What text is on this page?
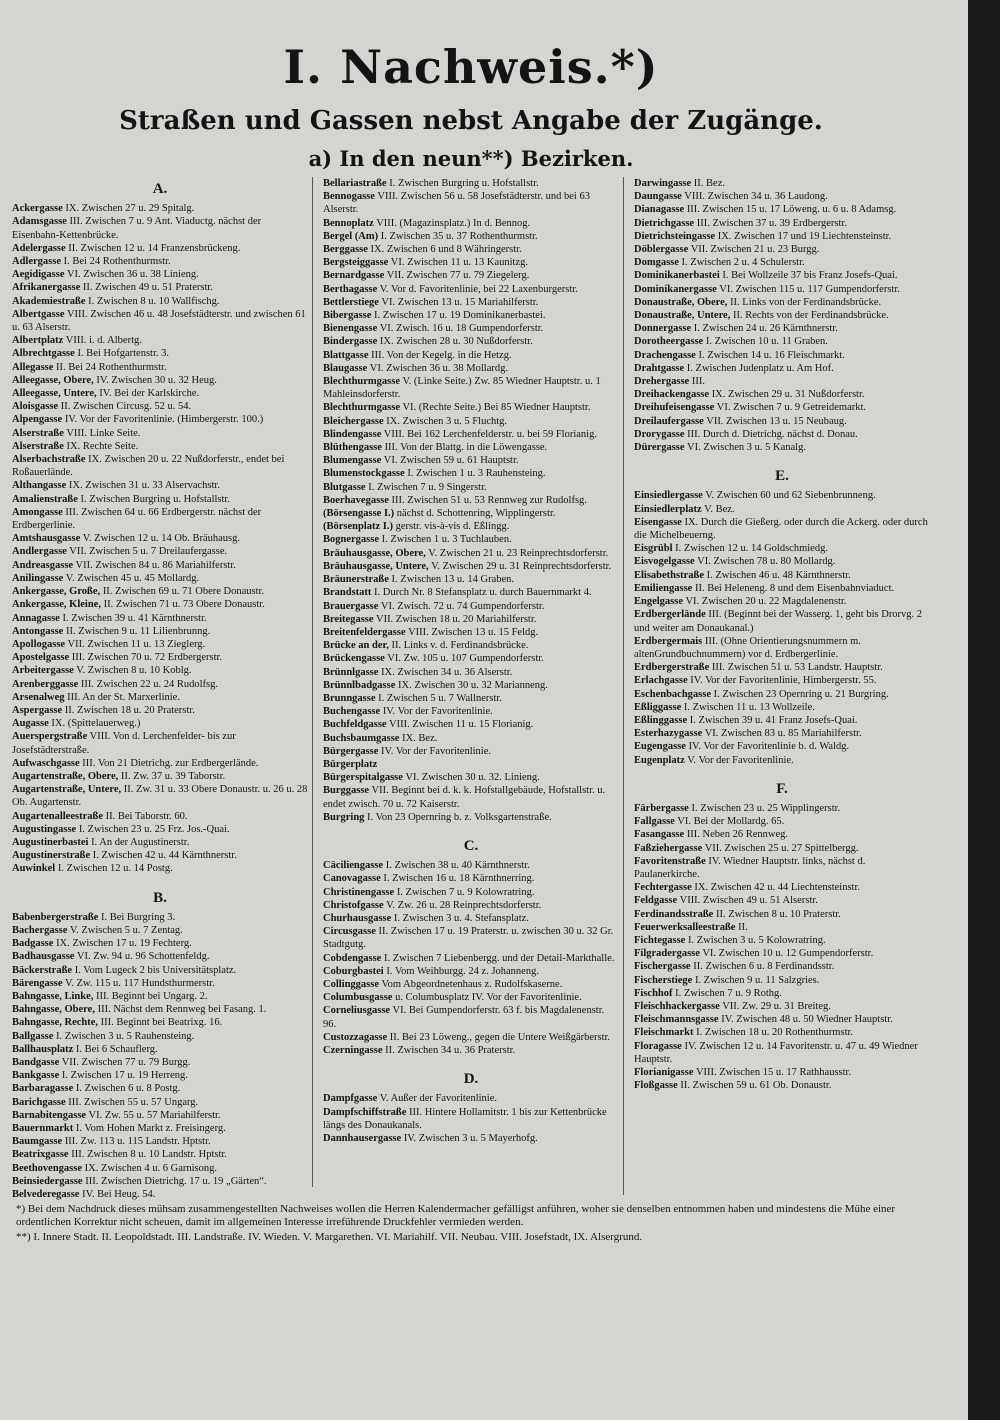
I. Nachweis.*)
Straßen und Gassen nebst Angabe der Zugänge.
a) In den neun**) Bezirken.
A.

Ackergasse IX. Zwischen 27 u. 29 Spitalg.

Adamsgasse III. Zwischen 7 u. 9 Ant. Viaductg. nächst der Eisenbahn-Kettenbrücke.

Adelergasse II. Zwischen 12 u. 14 Franzensbrückeng.

Adlergasse I. Bei 24 Rothenthurmstr.

Aegidigasse VI. Zwischen 36 u. 38 Linieng.

Afrikanergasse II. Zwischen 49 u. 51 Praterstr.

Akademiestraße I. Zwischen 8 u. 10 Wallfischg.

Albertgasse VIII. Zwischen 46 u. 48 Josefstädterstr. und zwischen 61 u. 63 Alserstr.

Albertplatz VIII. i. d. Albertg.

Albrechtgasse I. Bei Hofgartenstr. 3.

Allegasse II. Bei 24 Rothenthurmstr.

Alleegasse, Obere, IV. Zwischen 30 u. 32 Heug.

Alleegasse, Untere, IV. Bei der Karlskirche.

Aloisgasse II. Zwischen Circusg. 52 u. 54.

Alpengasse IV. Vor der Favoritenlinie. (Himbergerstr. 100.)

Alserstraße VIII. Linke Seite.

Alserstraße IX. Rechte Seite.

Alserbachstraße IX. Zwischen 20 u. 22 Nußdorferstr., endet bei Roßauerlände.

Althangasse IX. Zwischen 31 u. 33 Alservachstr.

Amalienstraße I. Zwischen Burgring u. Hofstallstr.

Amongasse III. Zwischen 64 u. 66 Erdbergerstr. nächst der Erdbergerlinie.

Amtshausgasse V. Zwischen 12 u. 14 Ob. Bräuhausg.

Andlergasse VII. Zwischen 5 u. 7 Dreilaufergasse.

Andreasgasse VII. Zwischen 84 u. 86 Mariahilferstr.

Anilingasse V. Zwischen 45 u. 45 Mollardg.

Ankergasse, Große, II. Zwischen 69 u. 71 Obere Donaustr.

Ankergasse, Kleine, II. Zwischen 71 u. 73 Obere Donaustr.

Annagasse I. Zwischen 39 u. 41 Kärnthnerstr.

Antongasse II. Zwischen 9 u. 11 Lilienbrunng.

Apollogasse VII. Zwischen 11 u. 13 Zieglerg.

Apostelgasse III. Zwischen 70 u. 72 Erdbergerstr.

Arbeitergasse V. Zwischen 8 u. 10 Koblg.

Arenberggasse III. Zwischen 22 u. 24 Rudolfsg.

Arsenalweg III. An der St. Marxerlinie.

Aspergasse II. Zwischen 18 u. 20 Praterstr.

Augasse IX. (Spittelauerweg.)

Auerspergstraße VIII. Von d. Lerchenfelder- bis zur Josefstädterstraße.

Aufwaschgasse III. Von 21 Dietrichg. zur Erdbergerlände.

Augartenstraße, Obere, II. Zw. 37 u. 39 Taborstr.

Augartenstraße, Untere, II. Zw. 31 u. 33 Obere Donaustr. u. 26 u. 28 Ob. Augartenstr.

Augartenalleestraße II. Bei Taborstr. 60.

Augustingasse I. Zwischen 23 u. 25 Frz. Jos.-Quai.

Augustinerbastei I. An der Augustinerstr.

Augustinerstraße I. Zwischen 42 u. 44 Kärnthnerstr.

Auwinkel I. Zwischen 12 u. 14 Postg.

B.

Babenbergerstraße I. Bei Burgring 3.

Bachergasse V. Zwischen 5 u. 7 Zentag.

Badgasse IX. Zwischen 17 u. 19 Fechterg.

Badhausgasse VI. Zw. 94 u. 96 Schottenfeldg.

Bäckerstraße I. Vom Lugeck 2 bis Universitätsplatz.

Bärengasse V. Zw. 115 u. 117 Hundsthurmerstr.

Bahngasse, Linke, III. Beginnt bei Ungarg. 2.

Bahngasse, Obere, III. Nächst dem Rennweg bei Fasang. 1.

Bahngasse, Rechte, III. Beginnt bei Beatrixg. 16.

Ballgasse I. Zwischen 3 u. 5 Rauhensteing.

Ballhausplatz I. Bei 6 Schauflerg.

Bandgasse VII. Zwischen 77 u. 79 Burgg.

Bankgasse I. Zwischen 17 u. 19 Herreng.

Barbaragasse I. Zwischen 6 u. 8 Postg.

Barichgasse III. Zwischen 55 u. 57 Ungarg.

Barnabitengasse VI. Zw. 55 u. 57 Mariahilferstr.

Bauernmarkt I. Vom Hohen Markt z. Freisingerg.

Baumgasse III. Zw. 113 u. 115 Landstr. Hptstr.

Beatrixgasse III. Zwischen 8 u. 10 Landstr. Hptstr.

Beethovengasse IX. Zwischen 4 u. 6 Garnisong.

Beinsiedergasse III. Zwischen Dietrichg. 17 u. 19 „Gärten“.

Belvederegasse IV. Bei Heug. 54.

Bellariastraße I. Zwischen Burgring u. Hofstallstr.

Bennogasse VIII. Zwischen 56 u. 58 Josefstädterstr. und bei 63 Alserstr.

Bennoplatz VIII. (Magazinsplatz.) In d. Bennog.

Bergel (Am) I. Zwischen 35 u. 37 Rothenthurmstr.

Berggasse IX. Zwischen 6 und 8 Währingerstr.

Bergsteiggasse VI. Zwischen 11 u. 13 Kaunitzg.

Bernardgasse VII. Zwischen 77 u. 79 Ziegelerg.

Berthagasse V. Vor d. Favoritenlinie, bei 22 Laxenburgerstr.

Bettlerstiege VI. Zwischen 13 u. 15 Mariahilferstr.

Bibergasse I. Zwischen 17 u. 19 Dominikanerbastei.

Bienengasse VI. Zwisch. 16 u. 18 Gumpendorferstr.

Bindergasse IX. Zwischen 28 u. 30 Nußdorferstr.

Blattgasse III. Von der Kegelg. in die Hetzg.

Blaugasse VI. Zwischen 36 u. 38 Mollardg.

Blechthurmgasse V. (Linke Seite.) Zw. 85 Wiedner Hauptstr. u. 1 Mahleinsdorferstr.

Blechthurmgasse VI. (Rechte Seite.) Bei 85 Wiedner Hauptstr.

Bleichergasse IX. Zwischen 3 u. 5 Fluchtg.

Blindengasse VIII. Bei 162 Lerchenfelderstr. u. bei 59 Florianig.

Blüthengasse III. Von der Blattg. in die Löwengasse.

Blumengasse VI. Zwischen 59 u. 61 Hauptstr.

Blumenstockgasse I. Zwischen 1 u. 3 Rauhensteing.

Blutgasse I. Zwischen 7 u. 9 Singerstr.

Boerhavegasse III. Zwischen 51 u. 53 Rennweg zur Rudolfsg.

(Börsengasse I.) nächst d. Schottenring, Wipplingerstr.

(Börsenplatz I.) gerstr. vis-à-vis d. Eßlingg.

Bognergasse I. Zwischen 1 u. 3 Tuchlauben.

Bräuhausgasse, Obere, V. Zwischen 21 u. 23 Reinprechtsdorferstr.

Bräuhausgasse, Untere, V. Zwischen 29 u. 31 Reinprechtsdorferstr.

Bräunerstraße I. Zwischen 13 u. 14 Graben.

Brandstatt I. Durch Nr. 8 Stefansplatz u. durch Bauernmarkt 4.

Brauergasse VI. Zwisch. 72 u. 74 Gumpendorferstr.

Breitegasse VII. Zwischen 18 u. 20 Mariahilferstr.

Breitenfeldergasse VIII. Zwischen 13 u. 15 Feldg.

Brücke an der, II. Links v. d. Ferdinandsbrücke.

Brückengasse VI. Zw. 105 u. 107 Gumpendorferstr.

Brünnlgasse IX. Zwischen 34 u. 36 Alserstr.

Brünnlbadgasse IX. Zwischen 30 u. 32 Marianneng.

Brunngasse I. Zwischen 5 u. 7 Wallnerstr.

Buchengasse IV. Vor der Favoritenlinie.

Buchfeldgasse VIII. Zwischen 11 u. 15 Florianig.

Buchsbaumgasse IX. Bez.

Bürgergasse IV. Vor der Favoritenlinie.

Bürgerplatz

Bürgerspitalgasse VI. Zwischen 30 u. 32. Linieng.

Burggasse VII. Beginnt bei d. k. k. Hofstallgebäude, Hofstallstr. u. endet zwisch. 70 u. 72 Kaiserstr.

Burgring I. Von 23 Opernring b. z. Volksgartenstraße.

C.

Cäciliengasse I. Zwischen 38 u. 40 Kärnthnerstr.

Canovagasse I. Zwischen 16 u. 18 Kärnthnerring.

Christinengasse I. Zwischen 7 u. 9 Kolowratring.

Christofgasse V. Zw. 26 u. 28 Reinprechtsdorferstr.

Churhausgasse I. Zwischen 3 u. 4. Stefansplatz.

Circusgasse II. Zwischen 17 u. 19 Praterstr. u. zwischen 30 u. 32 Gr. Stadtgutg.

Cobdengasse I. Zwischen 7 Liebenbergg. und der Detail-Markthalle.

Coburgbastei I. Vom Weihburgg. 24 z. Johanneng.

Collinggasse Vom Abgeordnetenhaus z. Rudolfskaserne.

Columbusgasse u. Columbusplatz IV. Vor der Favoritenlinie.

Corneliusgasse VI. Bei Gumpendorferstr. 63 f. bis Magdalenenstr. 96.

Custozzagasse II. Bei 23 Löweng., gegen die Untere Weißgärberstr.

Czerningasse II. Zwischen 34 u. 36 Praterstr.

D.

Dampfgasse V. Außer der Favoritenlinie.

Dampfschiffstraße III. Hintere Hollamitstr. 1 bis zur Kettenbrücke längs des Donaukanals.

Dannhausergasse IV. Zwischen 3 u. 5 Mayerhofg.

Darwingasse II. Bez.

Daungasse VIII. Zwischen 34 u. 36 Laudong.

Dianagasse III. Zwischen 15 u. 17 Löweng. u. 6 u. 8 Adamsg.

Dietrichgasse III. Zwischen 37 u. 39 Erdbergerstr.

Dietrichsteingasse IX. Zwischen 17 und 19 Liechtensteinstr.

Döblergasse VII. Zwischen 21 u. 23 Burgg.

Domgasse I. Zwischen 2 u. 4 Schulerstr.

Dominikanerbastei I. Bei Wollzeile 37 bis Franz Josefs-Quai.

Dominikanergasse VI. Zwischen 115 u. 117 Gumpendorferstr.

Donaustraße, Obere, II. Links von der Ferdinandsbrücke.

Donaustraße, Untere, II. Rechts von der Ferdinandsbrücke.

Donnergasse I. Zwischen 24 u. 26 Kärnthnerstr.

Dorotheergasse I. Zwischen 10 u. 11 Graben.

Drachengasse I. Zwischen 14 u. 16 Fleischmarkt.

Drahtgasse I. Zwischen Judenplatz u. Am Hof.

Drehergasse III.

Dreihackengasse IX. Zwischen 29 u. 31 Nußdorferstr.

Dreihufeisengasse VI. Zwischen 7 u. 9 Getreidemarkt.

Dreilaufergasse VII. Zwischen 13 u. 15 Neubaug.

Drorygasse III. Durch d. Dietrichg. nächst d. Donau.

Dürergasse VI. Zwischen 3 u. 5 Kanalg.

E.

Einsiedlergasse V. Zwischen 60 und 62 Siebenbrunneng.

Einsiedlerplatz V. Bez.

Eisengasse IX. Durch die Gießerg. oder durch die Ackerg. oder durch die Michelbeuerng.

Eisgrübl I. Zwischen 12 u. 14 Goldschmiedg.

Eisvogelgasse VI. Zwischen 78 u. 80 Mollardg.

Elisabethstraße I. Zwischen 46 u. 48 Kärnthnerstr.

Emiliengasse II. Bei Heleneng. 8 und dem Eisenbahnviaduct.

Engelgasse VI. Zwischen 20 u. 22 Magdalenenstr.

Erdbergerlände III. (Beginnt bei der Wasserg. 1, geht bis Drorvg. 2 und weiter am Donaukanal.)

Erdbergermais III. (Ohne Orientierungsnummern m. altenGrundbuchnummern) vor d. Erdbergerlinie.

Erdbergerstraße III. Zwischen 51 u. 53 Landstr. Hauptstr.

Erlachgasse IV. Vor der Favoritenlinie, Himbergerstr. 55.

Eschenbachgasse I. Zwischen 23 Opernring u. 21 Burgring.

Eßliggasse I. Zwischen 11 u. 13 Wollzeile.

Eßlinggasse I. Zwischen 39 u. 41 Franz Josefs-Quai.

Esterhazygasse VI. Zwischen 83 u. 85 Mariahilferstr.

Eugengasse IV. Vor der Favoritenlinie b. d. Waldg.

Eugenplatz V. Vor der Favoritenlinie.

F.

Färbergasse I. Zwischen 23 u. 25 Wipplingerstr.

Fallgasse VI. Bei der Mollardg. 65.

Fasangasse III. Neben 26 Rennweg.

Faßziehergasse VII. Zwischen 25 u. 27 Spittelbergg.

Favoritenstraße IV. Wiedner Hauptstr. links, nächst d. Paulanerkirche.

Fechtergasse IX. Zwischen 42 u. 44 Liechtensteinstr.

Feldgasse VIII. Zwischen 49 u. 51 Alserstr.

Ferdinandsstraße II. Zwischen 8 u. 10 Praterstr.

Feuerwerksalleestraße II.

Fichtegasse I. Zwischen 3 u. 5 Kolowratring.

Filgradergasse VI. Zwischen 10 u. 12 Gumpendorferstr.

Fischergasse II. Zwischen 6 u. 8 Ferdinandsstr.

Fischerstiege I. Zwischen 9 u. 11 Salzgries.

Fischhof I. Zwischen 7 u. 9 Rothg.

Fleischhackergasse VII. Zw. 29 u. 31 Breiteg.

Fleischmannsgasse IV. Zwischen 48 u. 50 Wiedner Hauptstr.

Fleischmarkt I. Zwischen 18 u. 20 Rothenthurmstr.

Floragasse IV. Zwischen 12 u. 14 Favoritenstr. u. 47 u. 49 Wiedner Hauptstr.

Florianigasse VIII. Zwischen 15 u. 17 Rathhausstr.

Floßgasse II. Zwischen 59 u. 61 Ob. Donaustr.

*) Bei dem Nachdruck dieses mühsam zusammengestellten Nachweises wollen die Herren Kalendermacher gefälligst anführen, woher sie denselben entnommen haben und mindestens die Mühe einer ordentlichen Korrektur nicht scheuen, damit im allgemeinen Interesse irreführende Druckfehler vermieden werden.

**) I. Innere Stadt. II. Leopoldstadt. III. Landstraße. IV. Wieden. V. Margarethen. VI. Mariahilf. VII. Neubau. VIII. Josefstadt, IX. Alsergrund.
